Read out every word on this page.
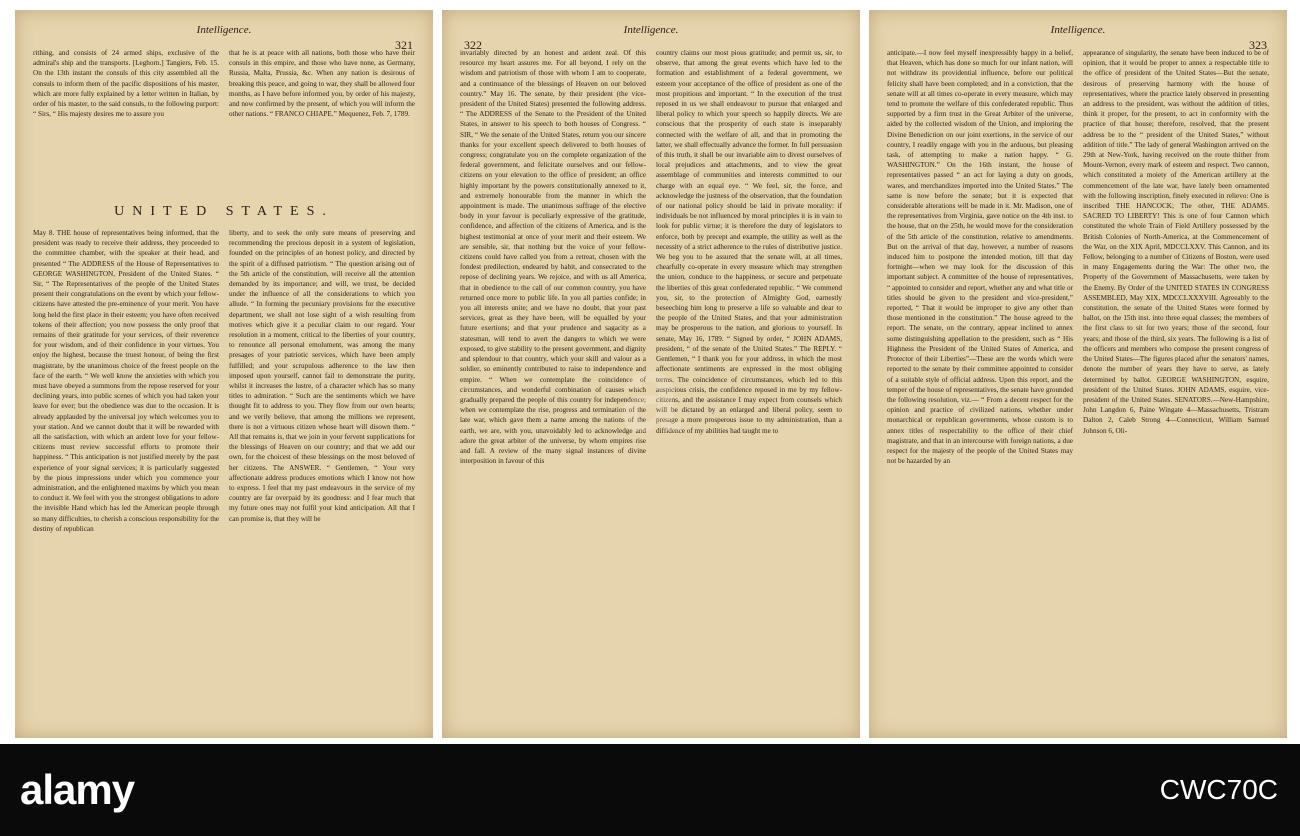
Intelligence.
321
rithing, and consists of 24 armed ships, exclusive of the admiral's ship and the transports. [Leghorn.] Tangiers, Feb. 15. On the 13th instant the consuls of this city assembled all the consuls to inform them of the pacific dispositions of his master, which are more fully explained by a letter written in Italian, by order of his master, to the said consuls, to the following purport: “ Sirs, “ His majesty desires me to assure you
that he is at peace with all nations, both those who have their consuls in this empire, and those who have none, as Germany, Russia, Malta, Prussia, &c. When any nation is desirous of breaking this peace, and going to war, they shall be allowed four months, as I have before informed you, by order of his majesty, and now confirmed by the present, of which you will inform the other nations. “ FRANCO CHIAPE.” Mequenez, Feb. 7, 1789.
UNITED STATES.
May 8. THE house of representatives being informed, that the president was ready to receive their address, they proceeded to the committee chamber, with the speaker at their head, and presented “ The ADDRESS of the House of Representatives to GEORGE WASHINGTON, President of the United States. “ Sir, “ The Representatives of the people of the United States present their congratulations on the event by which your fellow-citizens have attested the pre-eminence of your merit. You have long held the first place in their esteem; you have often received tokens of their affection; you now possess the only proof that remains of their gratitude for your services, of their reverence for your wisdom, and of their confidence in your virtues. You enjoy the highest, because the truest honour, of being the first magistrate, by the unanimous choice of the freest people on the face of the earth. “ We well know the anxieties with which you must have obeyed a summons from the repose reserved for your declining years, into public scenes of which you had taken your leave for ever; but the obedience was due to the occasion. It is already applauded by the universal joy which welcomes you to your station. And we cannot doubt that it will be rewarded with all the satisfaction, with which an ardent love for your fellow-citizens must review successful efforts to promote their happiness. “ This anticipation is not justified merely by the past experience of your signal services; it is particularly suggested by the pious impressions under which you commence your administration, and the enlightened maxims by which you mean to conduct it. We feel with you the strongest obligations to adore the invisible Hand which has led the American people through so many difficulties, to cherish a conscious responsibility for the destiny of republican
liberty, and to seek the only sure means of preserving and recommending the precious deposit in a system of legislation, founded on the principles of an honest policy, and directed by the spirit of a diffused patriotism. “ The question arising out of the 5th article of the constitution, will receive all the attention demanded by its importance; and will, we trust, be decided under the influence of all the considerations to which you allude. “ In forming the pecuniary provisions for the executive department, we shall not lose sight of a wish resulting from motives which give it a peculiar claim to our regard. Your resolution in a moment, critical to the liberties of your country, to renounce all personal emolument, was among the many presages of your patriotic services, which have been amply fulfilled; and your scrupulous adherence to the law then imposed upon yourself, cannot fail to demonstrate the purity, whilst it increases the lustre, of a character which has so many titles to admiration. “ Such are the sentiments which we have thought fit to address to you. They flow from our own hearts; and we verily believe, that among the millions we represent, there is not a virtuous citizen whose heart will disown them. “ All that remains is, that we join in your fervent supplications for the blessings of Heaven on our country; and that we add our own, for the choicest of these blessings on the most beloved of her citizens. The ANSWER. “ Gentlemen, “ Your very affectionate address produces emotions which I know not how to express. I feel that my past endeavours in the service of my country are far overpaid by its goodness: and I fear much that my future ones may not fulfil your kind anticipation. All that I can promise is, that they will be
322
Intelligence.
invariably directed by an honest and ardent zeal. Of this resource my heart assures me. For all beyond, I rely on the wisdom and patriotism of those with whom I am to cooperate, and a continuance of the blessings of Heaven on our beloved country.” May 16. The senate, by their president (the vice-president of the United States) presented the following address. “ The ADDRESS of the Senate to the President of the United States, in answer to his speech to both houses of Congress. “ SIR, “ We the senate of the United States, return you our sincere thanks for your excellent speech delivered to both houses of congress; congratulate you on the complete organization of the federal government, and felicitate ourselves and our fellow-citizens on your elevation to the office of president; an office highly important by the powers constitutionally annexed to it, and extremely honourable from the manner in which the appointment is made. The unanimous suffrage of the elective body in your favour is peculiarly expressive of the gratitude, confidence, and affection of the citizens of America, and is the highest testimonial at once of your merit and their esteem. We are sensible, sir, that nothing but the voice of your fellow-citizens could have called you from a retreat, chosen with the fondest predilection, endeared by habit, and consecrated to the repose of declining years. We rejoice, and with us all America, that in obedience to the call of our common country, you have returned once more to public life. In you all parties confide; in you all interests unite; and we have no doubt, that your past services, great as they have been, will be equalled by your future exertions; and that your prudence and sagacity as a statesman, will tend to avert the dangers to which we were exposed, to give stability to the present government, and dignity and splendour to that country, which your skill and valour as a soldier, so eminently contributed to raise to independence and empire. “ When we contemplate the coincidence of circumstances, and wonderful combination of causes which gradually prepared the people of this country for independence; when we contemplate the rise, progress and termination of the late war, which gave them a name among the nations of the earth, we are, with you, unavoidably led to acknowledge and adore the great arbiter of the universe, by whom empires rise and fall. A review of the many signal instances of divine interposition in favour of this
country claims our most pious gratitude; and permit us, sir, to observe, that among the great events which have led to the formation and establishment of a federal government, we esteem your acceptance of the office of president as one of the most propitious and important. “ In the execution of the trust reposed in us we shall endeavour to pursue that enlarged and liberal policy to which your speech so happily directs. We are conscious that the prosperity of each state is inseparably connected with the welfare of all, and that in promoting the latter, we shall effectually advance the former. In full persuasion of this truth, it shall be our invariable aim to divest ourselves of local prejudices and attachments, and to view the great assemblage of communities and interests committed to our charge with an equal eye. “ We feel, sir, the force, and acknowledge the justness of the observation, that the foundation of our national policy should be laid in private morality: if individuals be not influenced by moral principles it is in vain to look for public virtue; it is therefore the duty of legislators to enforce, both by precept and example, the utility as well as the necessity of a strict adherence to the rules of distributive justice. We beg you to be assured that the senate will, at all times, chearfully co-operate in every measure which may strengthen the union, conduce to the happiness, or secure and perpetuate the liberties of this great confederated republic. “ We commend you, sir, to the protection of Almighty God, earnestly beseeching him long to preserve a life so valuable and dear to the people of the United States, and that your administration may be prosperous to the nation, and glorious to yourself. In senate, May 16, 1789. “ Signed by order, “ JOHN ADAMS, president, “ of the senate of the United States.” The REPLY. “ Gentlemen, “ I thank you for your address, in which the most affectionate sentiments are expressed in the most obliging terms. The coincidence of circumstances, which led to this auspicious crisis, the confidence reposed in me by my fellow-citizens, and the assistance I may expect from counsels which will be dictated by an enlarged and liberal policy, seem to presage a more prosperous issue to my administration, than a diffidence of my abilities had taught me to
Intelligence.
323
anticipate.—I now feel myself inexpressibly happy in a belief, that Heaven, which has done so much for our infant nation, will not withdraw its providential influence, before our political felicity shall have been completed; and in a conviction, that the senate will at all times co-operate in every measure, which may tend to promote the welfare of this confederated republic. Thus supported by a firm trust in the Great Arbiter of the universe, aided by the collected wisdom of the Union, and imploring the Divine Benediction on our joint exertions, in the service of our country, I readily engage with you in the arduous, but pleasing task, of attempting to make a nation happy. “ G. WASHINGTON.” On the 16th instant, the house of representatives passed “ an act for laying a duty on goods, wares, and merchandizes imported into the United States.” The same is now before the senate; but it is expected that considerable alterations will be made in it. Mr. Madison, one of the representatives from Virginia, gave notice on the 4th inst. to the house, that on the 25th, he would move for the consideration of the 5th article of the constitution, relative to amendments. But on the arrival of that day, however, a number of reasons induced him to postpone the intended motion, till that day fortnight—when we may look for the discussion of this important subject. A committee of the house of representatives, “ appointed to consider and report, whether any and what title or titles should be given to the president and vice-president,” reported, “ That it would be improper to give any other than those mentioned in the constitution.” The house agreed to the report. The senate, on the contrary, appear inclined to annex some distinguishing appellation to the president, such as “ His Highness the President of the United States of America, and Protector of their Liberties”—These are the words which were reported to the senate by their committee appointed to consider of a suitable style of official address. Upon this report, and the temper of the house of representatives, the senate have grounded the following resolution, viz.— “ From a decent respect for the opinion and practice of civilized nations, whether under monarchical or republican governments, whose custom is to annex titles of respectability to the office of their chief magistrate, and that in an intercourse with foreign nations, a due respect for the majesty of the people of the United States may not be hazarded by an
appearance of singularity, the senate have been induced to be of opinion, that it would be proper to annex a respectable title to the office of president of the United States—But the senate, desirous of preserving harmony with the house of representatives, where the practice lately observed in presenting an address to the president, was without the addition of titles, think it proper, for the present, to act in conformity with the practice of that house; therefore, resolved, that the present address be to the “ president of the United States,” without addition of title.” The lady of general Washington arrived on the 29th at New-York, having received on the route thither from Mount-Vernon, every mark of esteem and respect. Two cannon, which constituted a moiety of the American artillery at the commencement of the late war, have lately been ornamented with the following inscription, finely executed in relievo: One is inscribed THE HANCOCK; The other, THE ADAMS. SACRED TO LIBERTY! This is one of four Cannon which constituted the whole Train of Field Artillery possessed by the British Colonies of North-America, at the Commencement of the War, on the XIX April, MDCCLXXV. This Cannon, and its Fellow, belonging to a number of Citizens of Boston, were used in many Engagements during the War: The other two, the Property of the Government of Massachusetts, were taken by the Enemy. By Order of the UNITED STATES IN CONGRESS ASSEMBLED, May XIX, MDCCLXXXVIII. Agreeably to the constitution, the senate of the United States were formed by ballot, on the 15th inst. into three equal classes; the members of the first class to sit for two years; those of the second, four years; and those of the third, six years. The following is a list of the officers and members who compose the present congress of the United States—The figures placed after the senators' names, denote the number of years they have to serve, as lately determined by ballot. GEORGE WASHINGTON, esquire, president of the United States. JOHN ADAMS, esquire, vice-president of the United States. SENATORS.—New-Hampshire, John Langdon 6, Paine Wingate 4—Massachusetts, Tristram Dalton 2, Caleb Strong 4—Connecticut, William Samuel Johnson 6, Oli-
alamy	CWC70C
